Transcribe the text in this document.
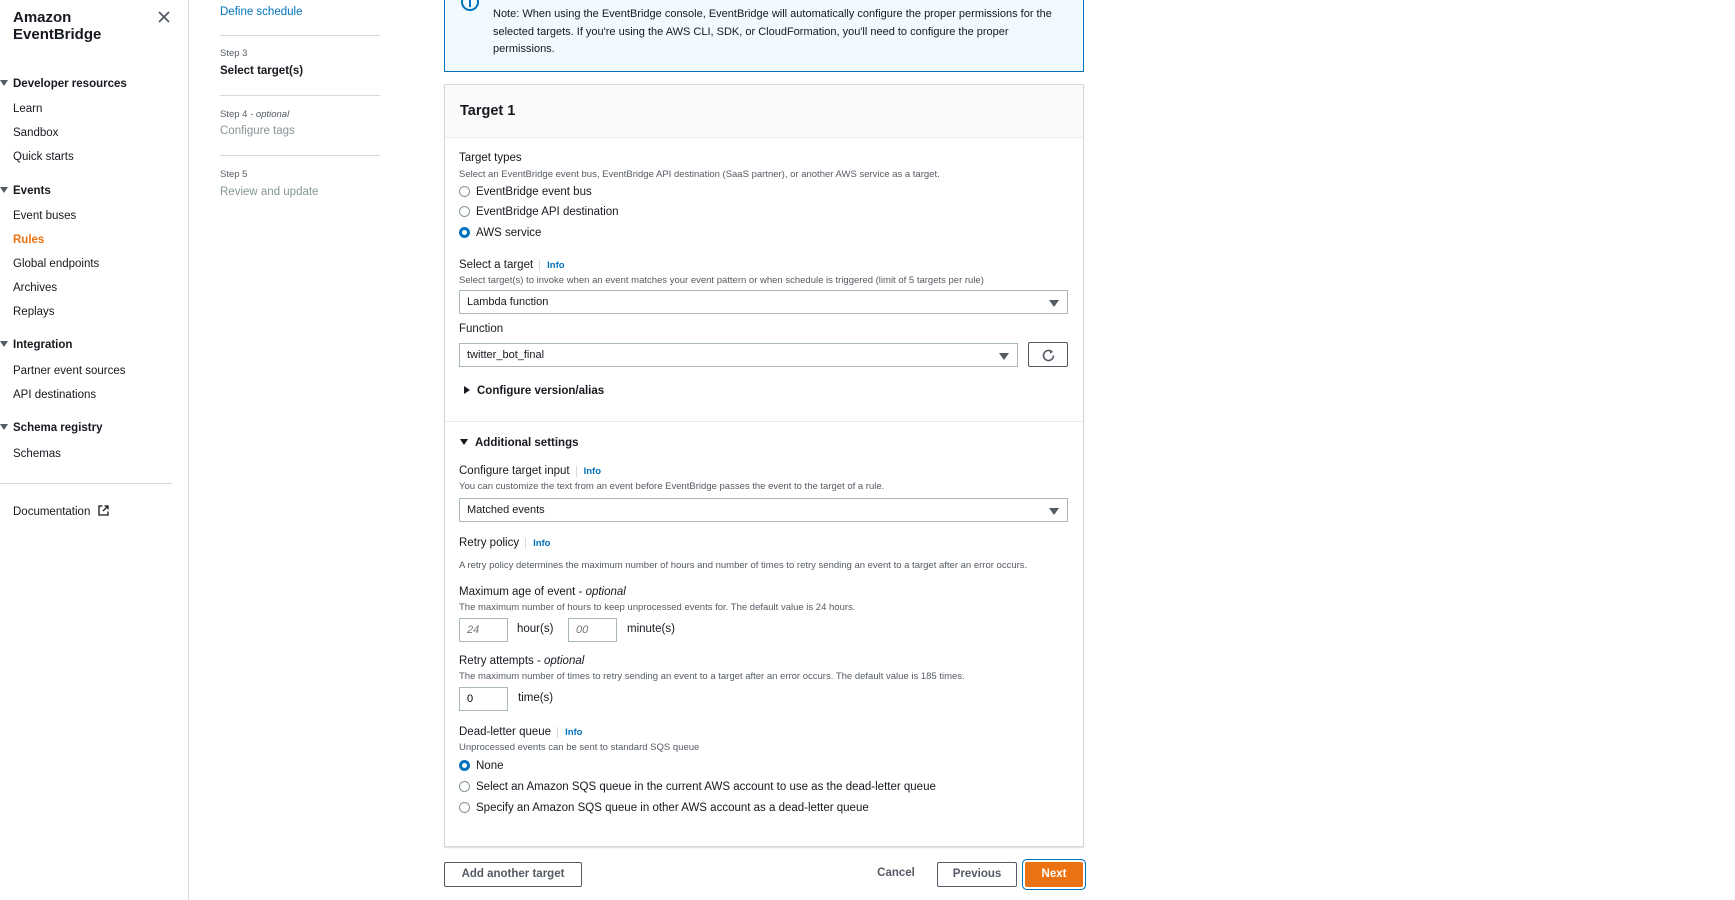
Amazon EventBridge
Developer resources
Learn
Sandbox
Quick starts
Events
Event buses
Rules
Global endpoints
Archives
Replays
Integration
Partner event sources
API destinations
Schema registry
Schemas
Documentation
Define schedule
Step 3
Select target(s)
Step 4 - optional
Configure tags
Step 5
Review and update
Note: When using the EventBridge console, EventBridge will automatically configure the proper permissions for the selected targets. If you're using the AWS CLI, SDK, or CloudFormation, you'll need to configure the proper permissions.
Target 1
Target types
Select an EventBridge event bus, EventBridge API destination (SaaS partner), or another AWS service as a target.
EventBridge event bus
EventBridge API destination
AWS service
Select a target Info
Select target(s) to invoke when an event matches your event pattern or when schedule is triggered (limit of 5 targets per rule)
Lambda function
Function
twitter_bot_final
Configure version/alias
Additional settings
Configure target input Info
You can customize the text from an event before EventBridge passes the event to the target of a rule.
Matched events
Retry policy Info
A retry policy determines the maximum number of hours and number of times to retry sending an event to a target after an error occurs.
Maximum age of event - optional
The maximum number of hours to keep unprocessed events for. The default value is 24 hours.
24
hour(s)
00	minute(s)
Retry attempts - optional
The maximum number of times to retry sending an event to a target after an error occurs. The default value is 185 times.
0
time(s)
Dead-letter queue Info
Unprocessed events can be sent to standard SQS queue
None
Select an Amazon SQS queue in the current AWS account to use as the dead-letter queue
Specify an Amazon SQS queue in other AWS account as a dead-letter queue
Add another target	Cancel	Previous	Next
